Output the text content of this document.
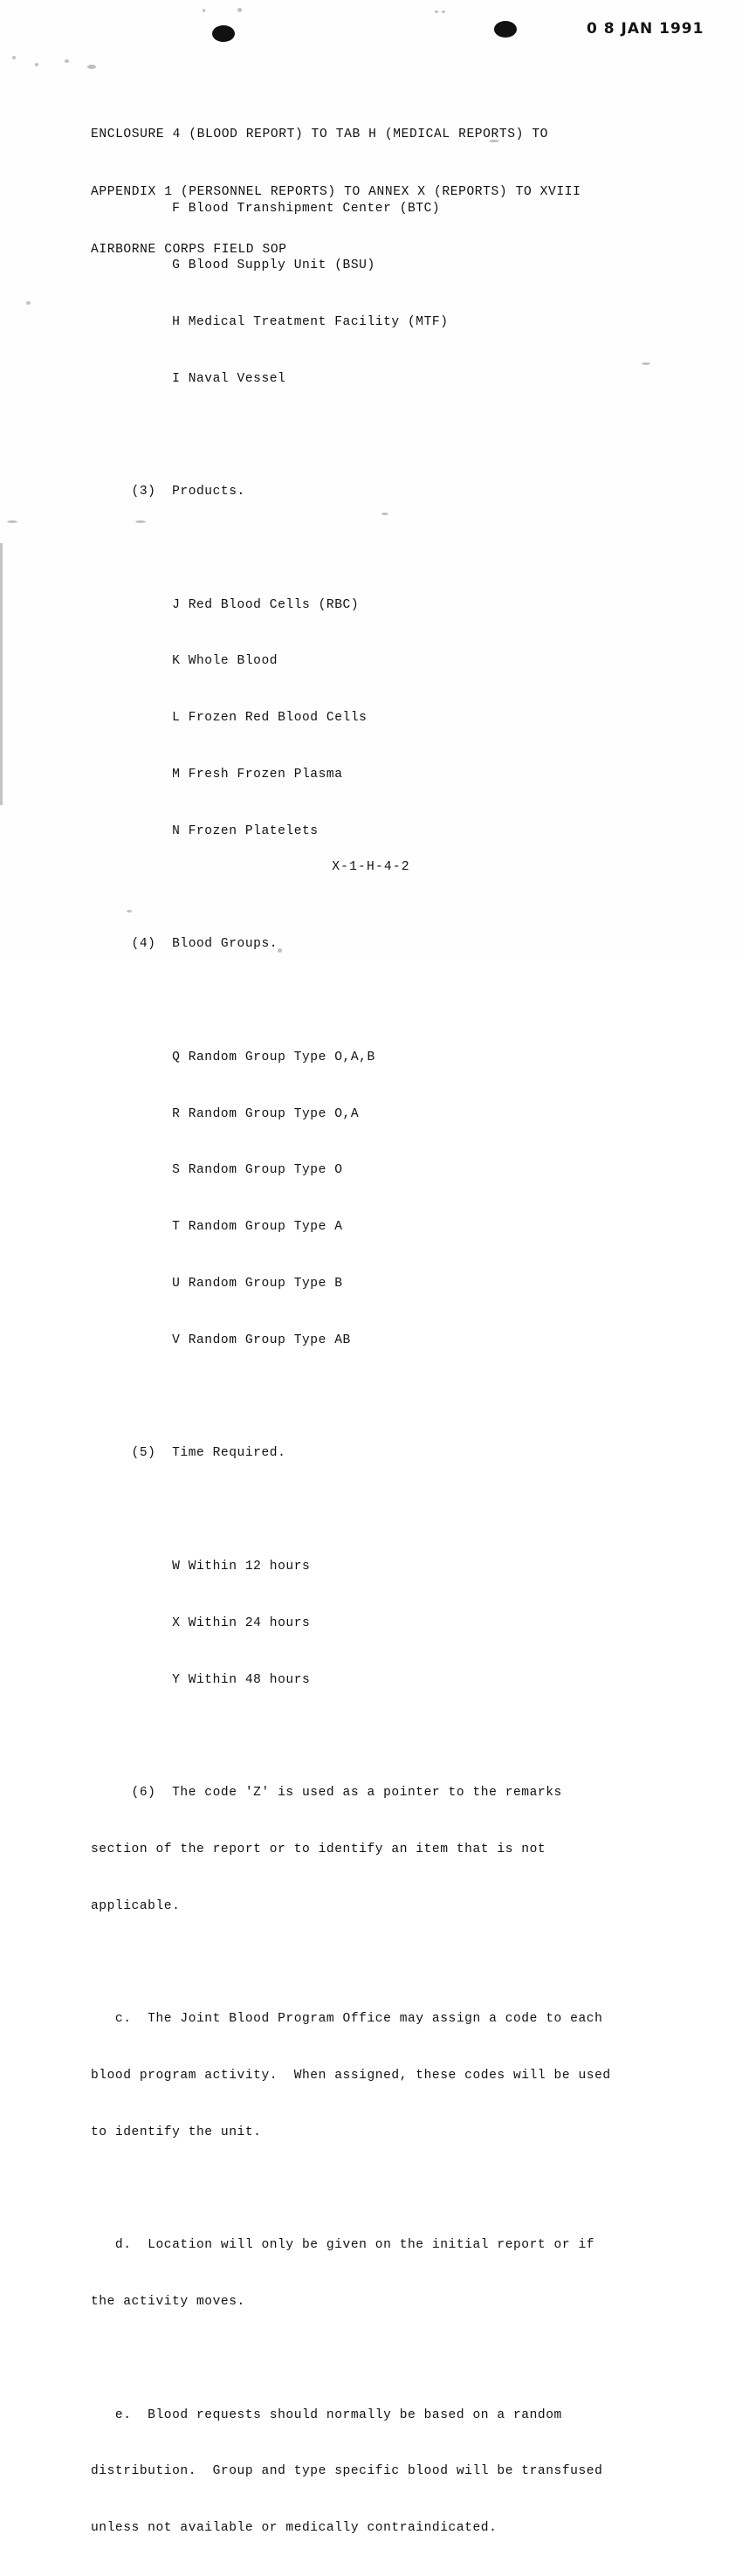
0 8 JAN 1991

ENCLOSURE 4 (BLOOD REPORT) TO TAB H (MEDICAL REPORTS) TO

APPENDIX 1 (PERSONNEL REPORTS) TO ANNEX X (REPORTS) TO XVIII

AIRBORNE CORPS FIELD SOP

F Blood Transhipment Center (BTC)

G Blood Supply Unit (BSU)

H Medical Treatment Facility (MTF)

I Naval Vessel

(3)  Products.

J Red Blood Cells (RBC)

K Whole Blood

L Frozen Red Blood Cells

M Fresh Frozen Plasma

N Frozen Platelets

(4)  Blood Groups.

Q Random Group Type O,A,B

R Random Group Type O,A

S Random Group Type O

T Random Group Type A

U Random Group Type B

V Random Group Type AB

(5)  Time Required.

W Within 12 hours

X Within 24 hours

Y Within 48 hours

(6)  The code 'Z' is used as a pointer to the remarks

section of the report or to identify an item that is not

applicable.

c.  The Joint Blood Program Office may assign a code to each

blood program activity.  When assigned, these codes will be used

to identify the unit.

d.  Location will only be given on the initial report or if

the activity moves.

e.  Blood requests should normally be based on a random

distribution.  Group and type specific blood will be transfused

unless not available or medically contraindicated.

X-1-H-4-2
